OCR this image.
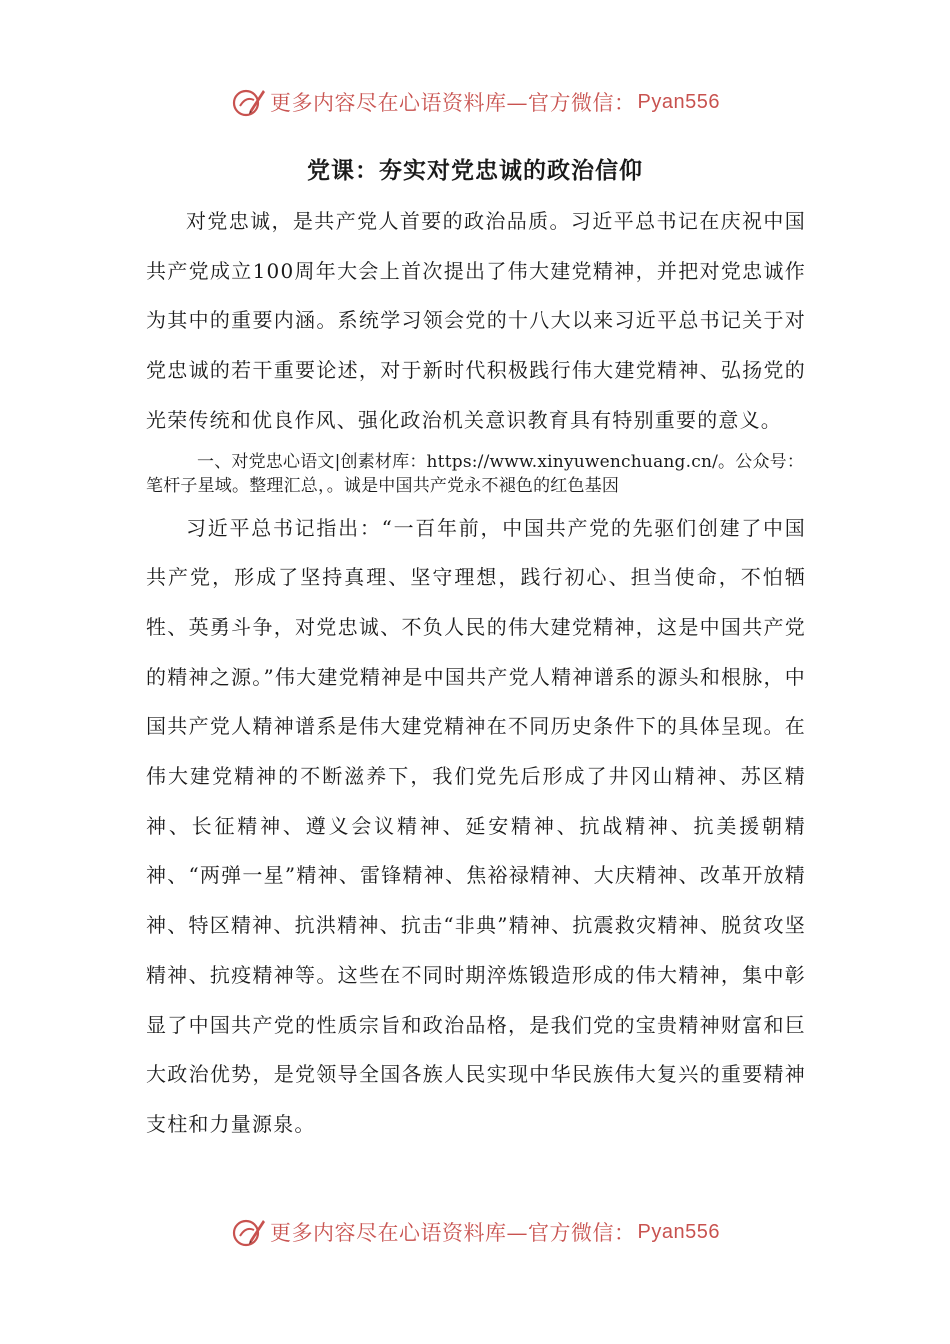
更多内容尽在心语资料库—官方微信： Pyan556
党课：夯实对党忠诚的政治信仰

对党忠诚，是共产党人首要的政治品质。习近平总书记在庆祝中国共产党成立100周年大会上首次提出了伟大建党精神，并把对党忠诚作为其中的重要内涵。系统学习领会党的十八大以来习近平总书记关于对党忠诚的若干重要论述，对于新时代积极践行伟大建党精神、弘扬党的光荣传统和优良作风、强化政治机关意识教育具有特别重要的意义。

一、对党忠心语文|创素材库：https://www.xinyuwenchuang.cn/。公众号：笔杆子星域。整理汇总，。诚是中国共产党永不褪色的红色基因

习近平总书记指出：“一百年前，中国共产党的先驱们创建了中国共产党，形成了坚持真理、坚守理想，践行初心、担当使命，不怕牺牲、英勇斗争，对党忠诚、不负人民的伟大建党精神，这是中国共产党的精神之源。”伟大建党精神是中国共产党人精神谱系的源头和根脉，中国共产党人精神谱系是伟大建党精神在不同历史条件下的具体呈现。在伟大建党精神的不断滋养下，我们党先后形成了井冈山精神、苏区精神、长征精神、遵义会议精神、延安精神、抗战精神、抗美援朝精神、“两弹一星”精神、雷锋精神、焦裕禄精神、大庆精神、改革开放精神、特区精神、抗洪精神、抗击“非典”精神、抗震救灾精神、脱贫攻坚精神、抗疫精神等。这些在不同时期淬炼锻造形成的伟大精神，集中彰显了中国共产党的性质宗旨和政治品格，是我们党的宝贵精神财富和巨大政治优势，是党领导全国各族人民实现中华民族伟大复兴的重要精神支柱和力量源泉。

更多内容尽在心语资料库—官方微信： Pyan556
